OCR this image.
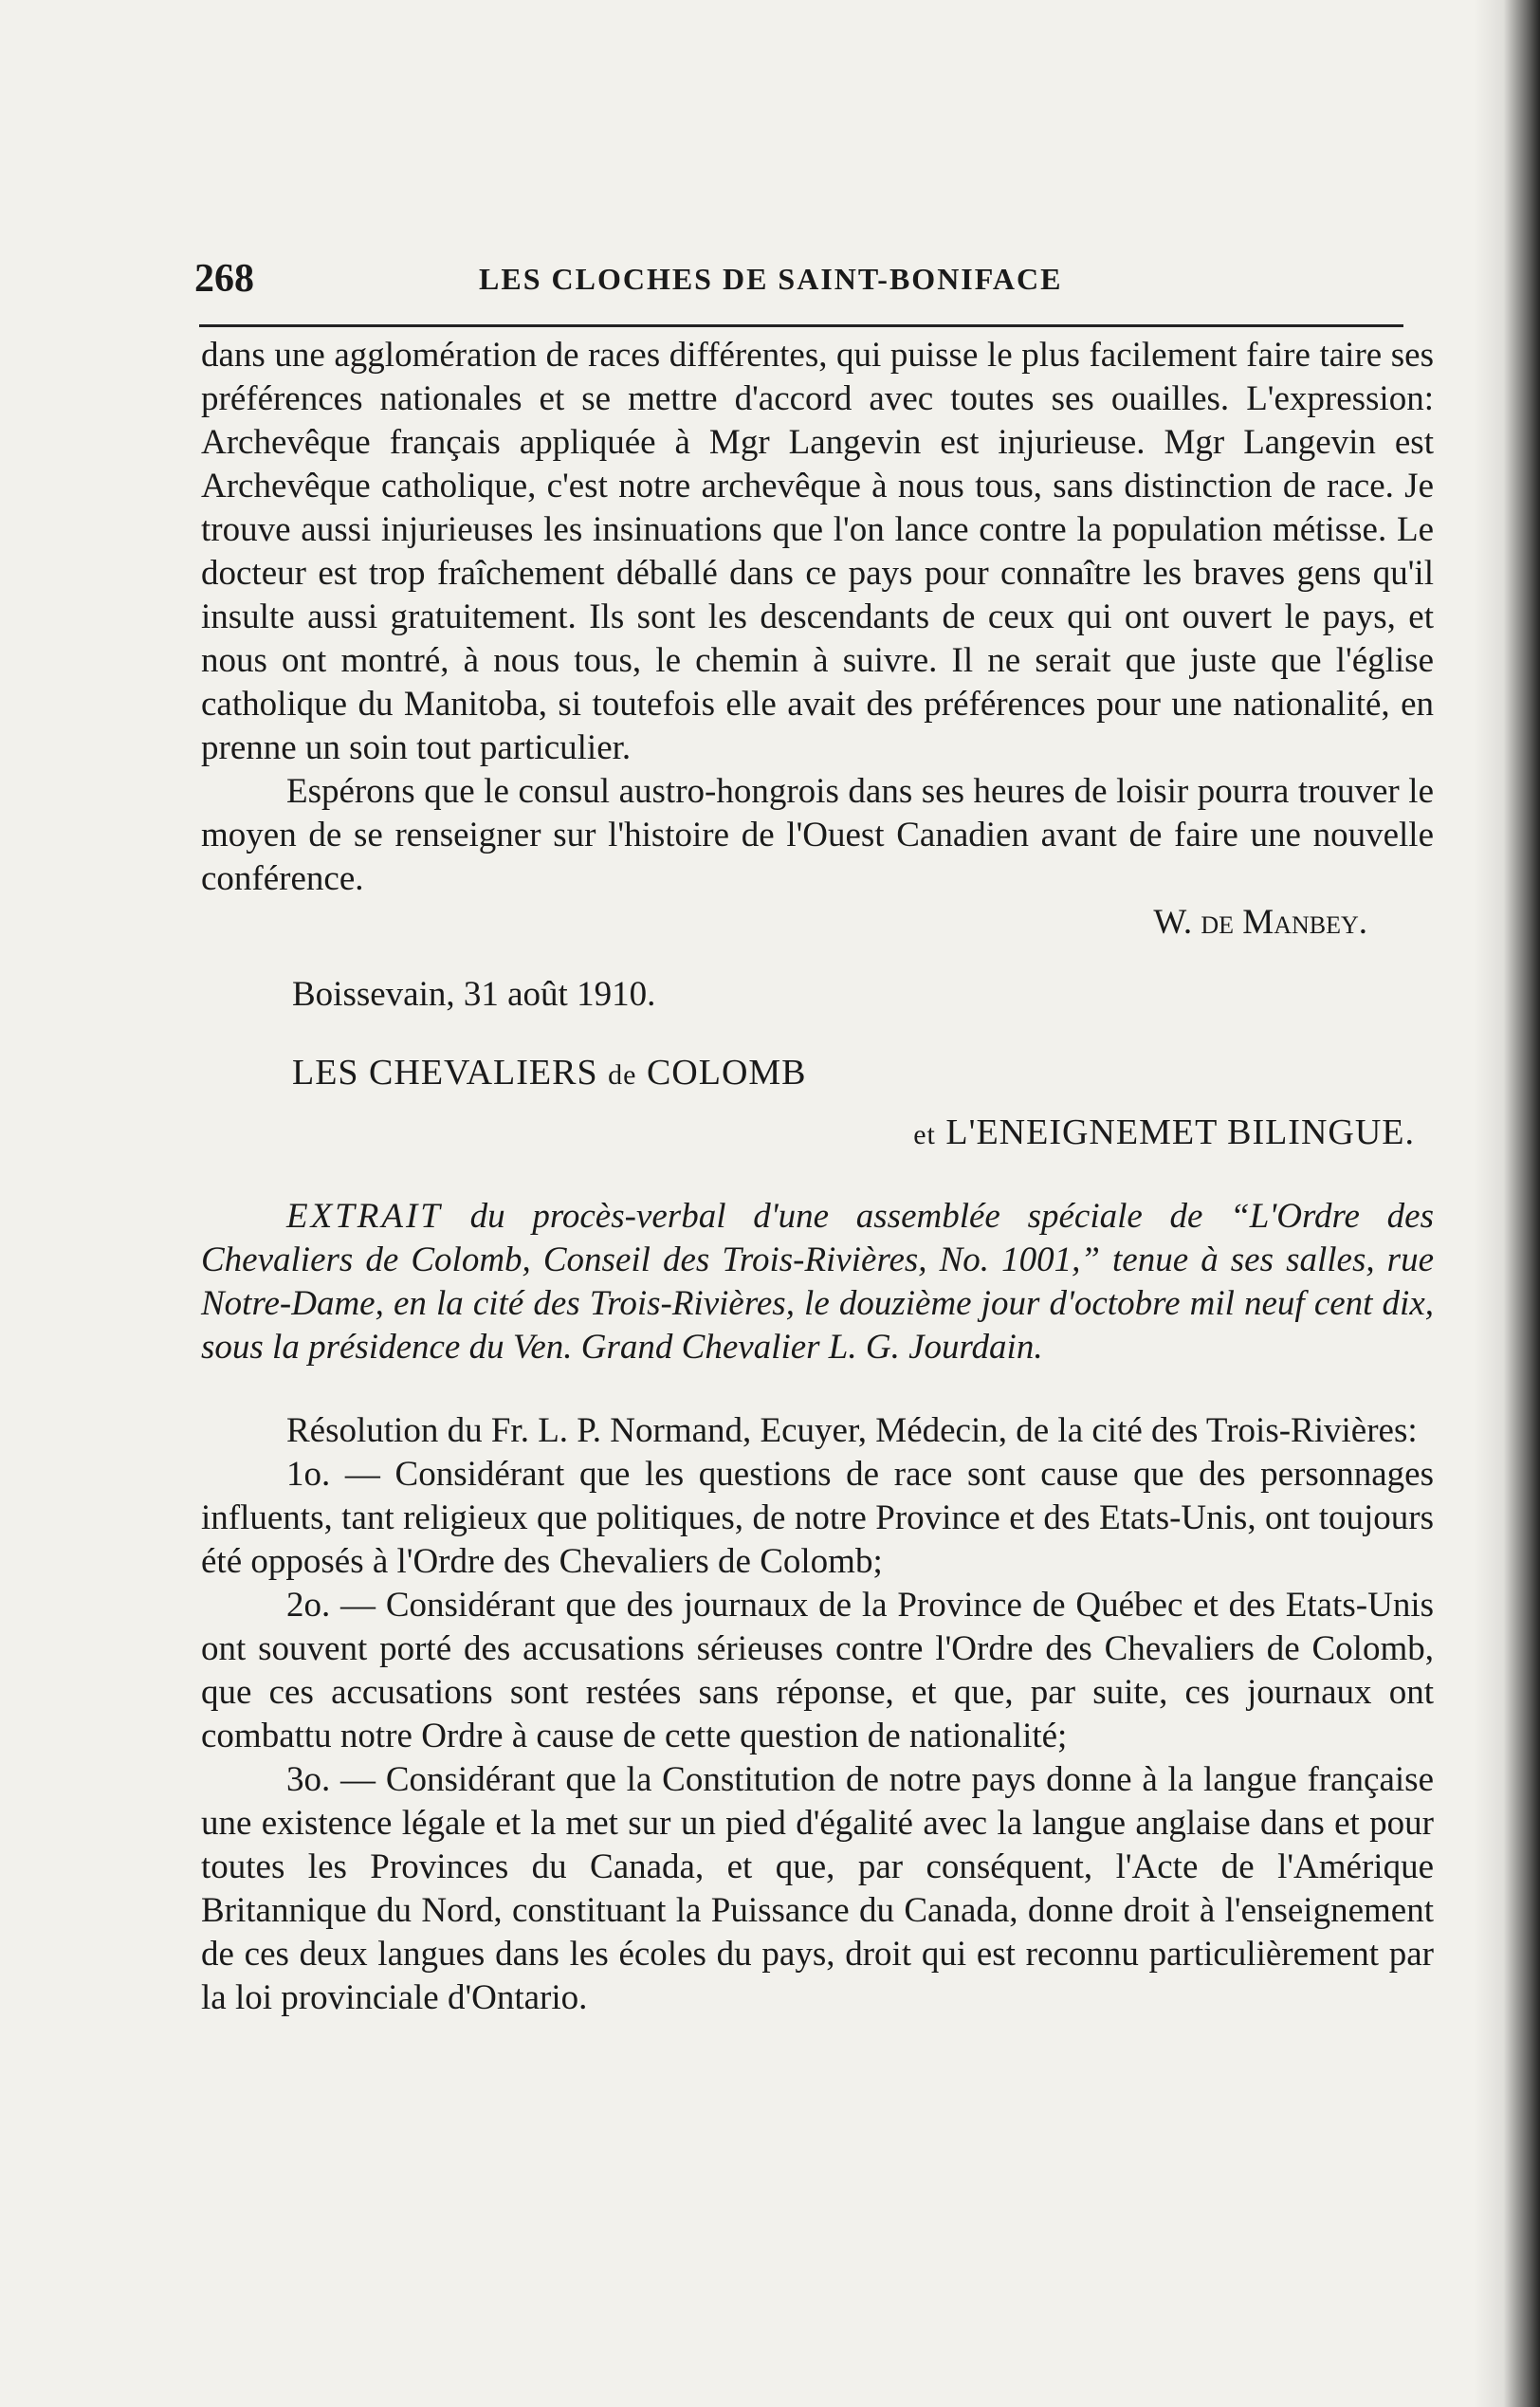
268	LES CLOCHES DE SAINT-BONIFACE

dans une agglomération de races différentes, qui puisse le plus facilement faire taire ses préférences nationales et se mettre d'accord avec toutes ses ouailles. L'expression: Archevêque français appliquée à Mgr Langevin est injurieuse. Mgr Langevin est Archevêque catholique, c'est notre archevêque à nous tous, sans distinction de race. Je trouve aussi injurieuses les insinuations que l'on lance contre la population métisse. Le docteur est trop fraîchement déballé dans ce pays pour connaître les braves gens qu'il insulte aussi gratuitement. Ils sont les descendants de ceux qui ont ouvert le pays, et nous ont montré, à nous tous, le chemin à suivre. Il ne serait que juste que l'église catholique du Manitoba, si toutefois elle avait des préférences pour une nationalité, en prenne un soin tout particulier.

Espérons que le consul austro-hongrois dans ses heures de loisir pourra trouver le moyen de se renseigner sur l'histoire de l'Ouest Canadien avant de faire une nouvelle conférence.

W. de Manbey.

Boissevain, 31 août 1910.

LES CHEVALIERS de COLOMB

et L'ENEIGNEMET BILINGUE.

EXTRAIT du procès-verbal d'une assemblée spéciale de “L'Ordre des Chevaliers de Colomb, Conseil des Trois-Rivières, No. 1001,” tenue à ses salles, rue Notre-Dame, en la cité des Trois-Rivières, le douzième jour d'octobre mil neuf cent dix, sous la présidence du Ven. Grand Chevalier L. G. Jourdain.

Résolution du Fr. L. P. Normand, Ecuyer, Médecin, de la cité des Trois-Rivières:

1o. — Considérant que les questions de race sont cause que des personnages influents, tant religieux que politiques, de notre Province et des Etats-Unis, ont toujours été opposés à l'Ordre des Chevaliers de Colomb;

2o. — Considérant que des journaux de la Province de Québec et des Etats-Unis ont souvent porté des accusations sérieuses contre l'Ordre des Chevaliers de Colomb, que ces accusations sont restées sans réponse, et que, par suite, ces journaux ont combattu notre Ordre à cause de cette question de nationalité;

3o. — Considérant que la Constitution de notre pays donne à la langue française une existence légale et la met sur un pied d'égalité avec la langue anglaise dans et pour toutes les Provinces du Canada, et que, par conséquent, l'Acte de l'Amérique Britannique du Nord, constituant la Puissance du Canada, donne droit à l'enseignement de ces deux langues dans les écoles du pays, droit qui est reconnu particulièrement par la loi provinciale d'Ontario.
